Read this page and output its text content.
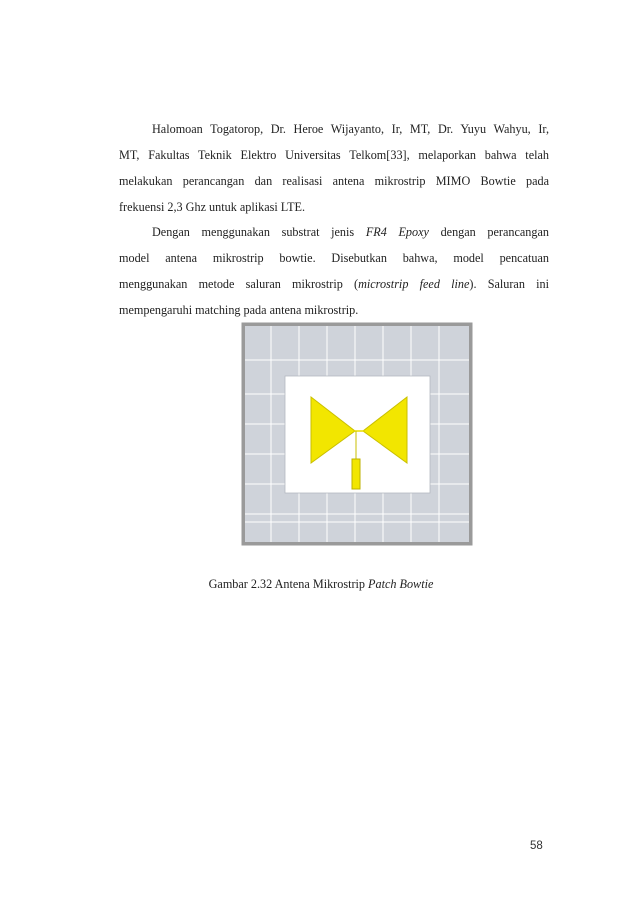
Halomoan Togatorop, Dr. Heroe Wijayanto, Ir, MT, Dr. Yuyu Wahyu, Ir,
MT, Fakultas Teknik Elektro Universitas Telkom[33], melaporkan bahwa telah
melakukan perancangan dan realisasi antena mikrostrip MIMO Bowtie pada
frekuensi 2,3 Ghz untuk aplikasi LTE.
Dengan menggunakan substrat jenis FR4 Epoxy dengan perancangan
model antena mikrostrip bowtie. Disebutkan bahwa, model pencatuan
menggunakan metode saluran mikrostrip (microstrip feed line). Saluran ini
mempengaruhi matching pada antena mikrostrip.
Gambar 2.32 Antena Mikrostrip Patch Bowtie
58
